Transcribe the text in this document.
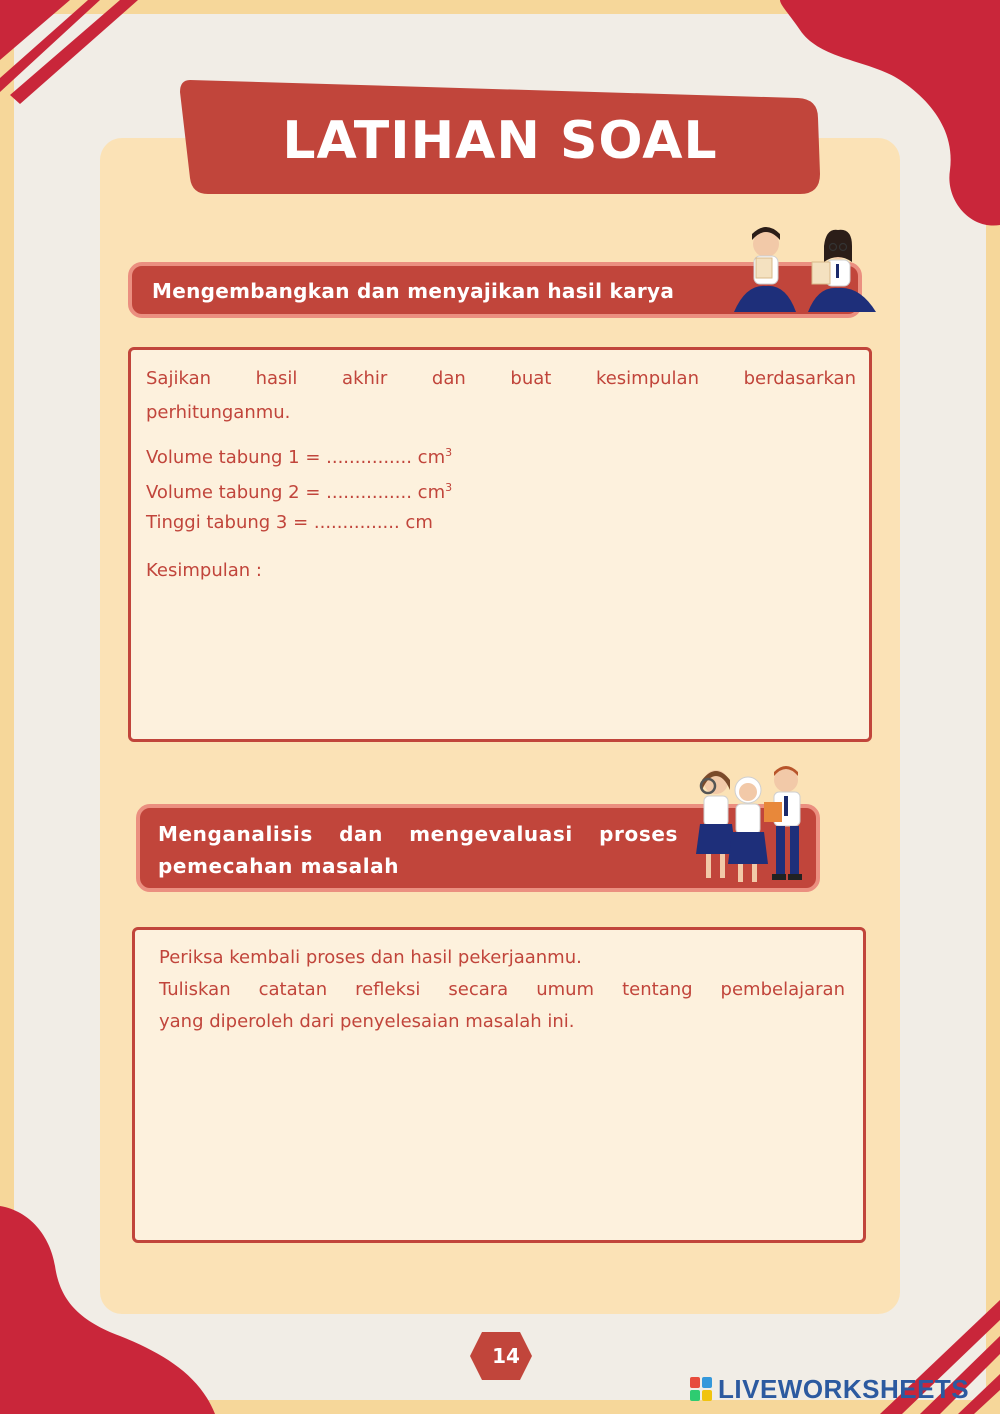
LATIHAN SOAL
Mengembangkan dan menyajikan hasil karya
Sajikan hasil akhir dan buat kesimpulan berdasarkan
perhitunganmu.
Volume tabung 1 = ............... $cm^3$
Volume tabung 2 = ............... $cm^3$
Tinggi tabung 3 = ............... cm
Kesimpulan :
Menganalisis dan mengevaluasi proses pemecahan masalah
Periksa kembali proses dan hasil pekerjaanmu.
Tuliskan catatan refleksi secara umum tentang pembelajaran
yang diperoleh dari penyelesaian masalah ini.
14
LIVEWORKSHEETS
